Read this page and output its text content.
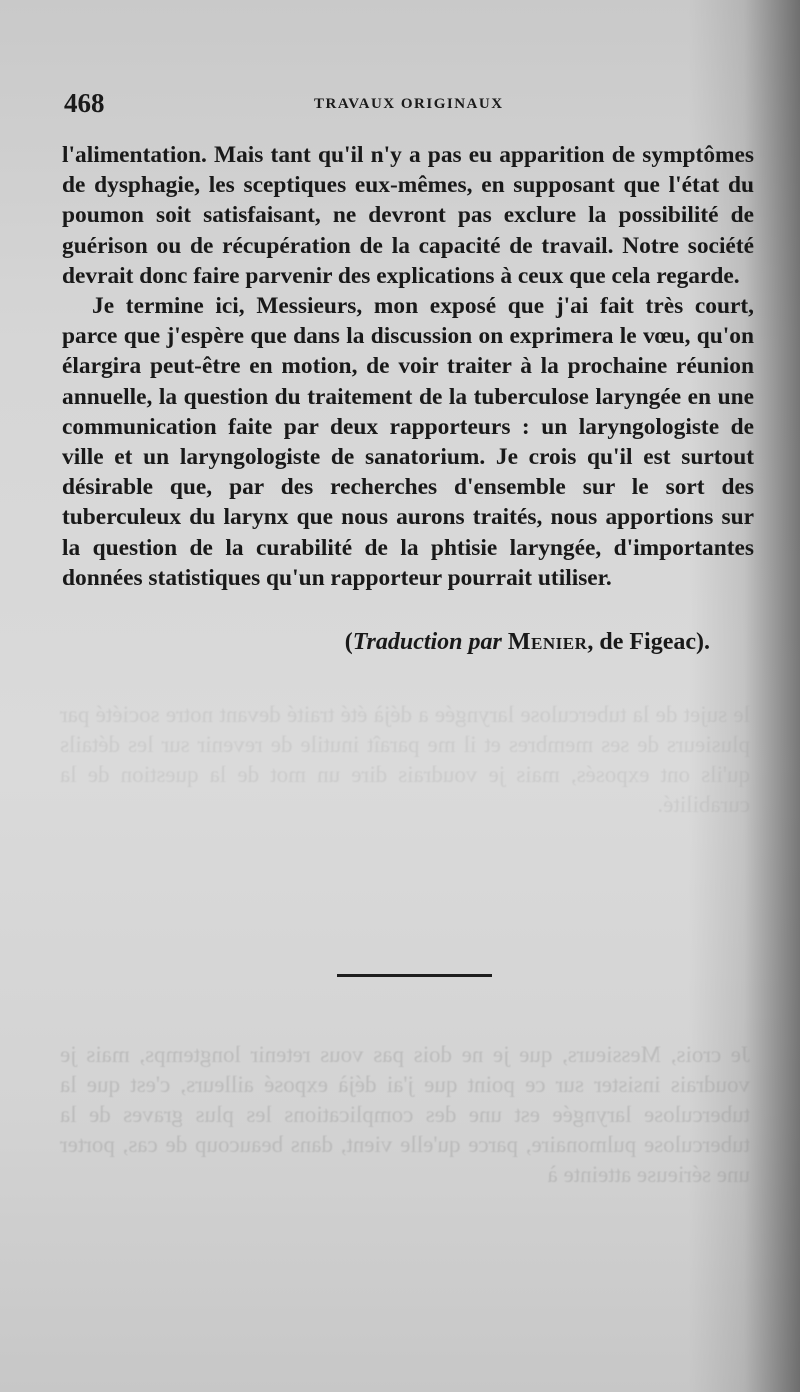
le sujet de la tuberculose laryngée a déjà été traité devant notre société par plusieurs de ses membres et il me paraît inutile de revenir sur les détails qu'ils ont exposés, mais je voudrais dire un mot de la question de la curabilité.

Je crois, Messieurs, que je ne dois pas vous retenir longtemps, mais je voudrais insister sur ce point que j'ai déjà exposé ailleurs, c'est que la tuberculose laryngée est une des complications les plus graves de la tuberculose pulmonaire, parce qu'elle vient, dans beaucoup de cas, porter une sérieuse atteinte à

468	TRAVAUX ORIGINAUX

l'alimentation. Mais tant qu'il n'y a pas eu apparition de symptômes de dysphagie, les sceptiques eux-mêmes, en supposant que l'état du poumon soit satisfaisant, ne devront pas exclure la possibilité de guérison ou de récupération de la capacité de travail. Notre société devrait donc faire parvenir des explications à ceux que cela regarde.

Je termine ici, Messieurs, mon exposé que j'ai fait très court, parce que j'espère que dans la discussion on exprimera le vœu, qu'on élargira peut-être en motion, de voir traiter à la prochaine réunion annuelle, la question du traitement de la tuberculose laryngée en une communication faite par deux rapporteurs : un laryngologiste de ville et un laryngologiste de sanatorium. Je crois qu'il est surtout désirable que, par des recherches d'ensemble sur le sort des tuberculeux du larynx que nous aurons traités, nous apportions sur la question de la curabilité de la phtisie laryngée, d'importantes données statistiques qu'un rapporteur pourrait utiliser.

(Traduction par Menier, de Figeac).
